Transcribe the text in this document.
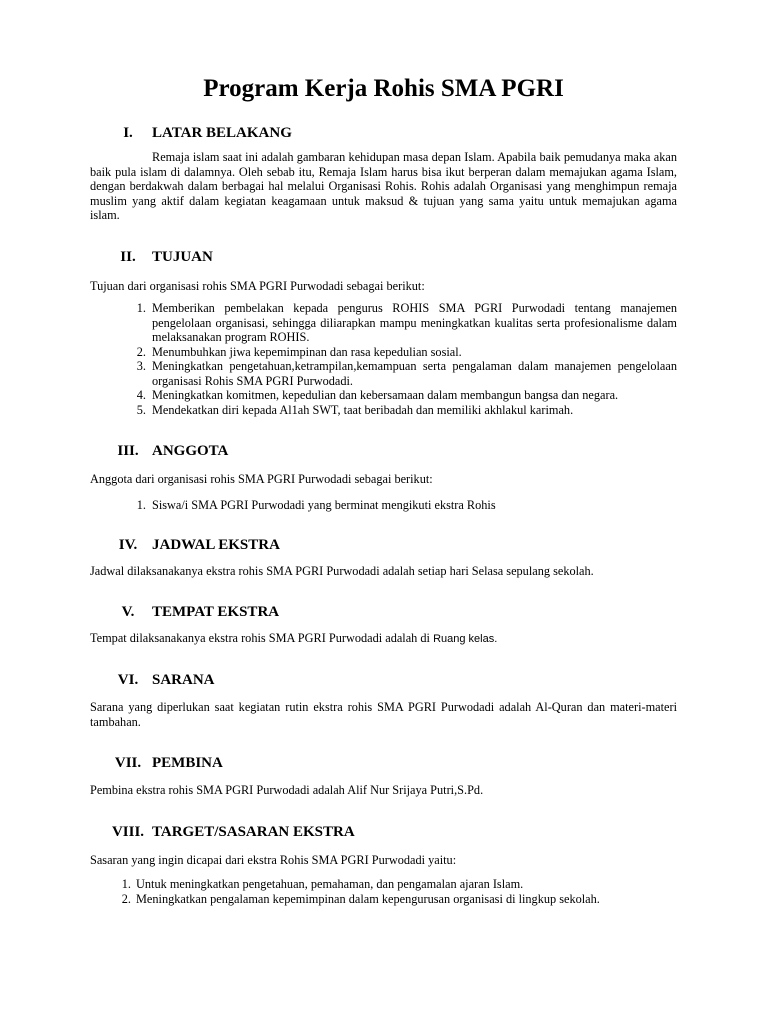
Program Kerja Rohis SMA PGRI
I.	LATAR BELAKANG

Remaja islam saat ini adalah gambaran kehidupan masa depan Islam. Apabila baik pemudanya maka akan baik pula islam di dalamnya. Oleh sebab itu, Remaja Islam harus bisa ikut berperan dalam memajukan agama Islam, dengan berdakwah dalam berbagai hal melalui Organisasi Rohis. Rohis adalah Organisasi yang menghimpun remaja muslim yang aktif dalam kegiatan keagamaan untuk maksud & tujuan yang sama yaitu untuk memajukan agama islam.

II.	TUJUAN

Tujuan dari organisasi rohis SMA PGRI Purwodadi sebagai berikut:

1. Memberikan pembelakan kepada pengurus ROHIS SMA PGRI Purwodadi tentang manajemen pengelolaan organisasi, sehingga diliarapkan mampu meningkatkan kualitas serta profesionalisme dalam melaksanakan program ROHIS.
2. Menumbuhkan jiwa kepemimpinan dan rasa kepedulian sosial.
3. Meningkatkan pengetahuan,ketrampilan,kemampuan serta pengalaman dalam manajemen pengelolaan organisasi Rohis SMA PGRI Purwodadi.
4. Meningkatkan komitmen, kepedulian dan kebersamaan dalam membangun bangsa dan negara.
5. Mendekatkan diri kepada Al1ah SWT, taat beribadah dan memiliki akhlakul karimah.
III. ANGGOTA

Anggota dari organisasi rohis SMA PGRI Purwodadi sebagai berikut:

1. Siswa/i SMA PGRI Purwodadi yang berminat mengikuti ekstra Rohis
IV. JADWAL EKSTRA

Jadwal dilaksanakanya ekstra rohis SMA PGRI Purwodadi adalah setiap hari Selasa sepulang sekolah.

V.	TEMPAT EKSTRA

Tempat dilaksanakanya ekstra rohis SMA PGRI Purwodadi adalah di Ruang kelas.

VI. SARANA

Sarana yang diperlukan saat kegiatan rutin ekstra rohis SMA PGRI Purwodadi adalah Al-Quran dan materi-materi tambahan.

VII. PEMBINA

Pembina ekstra rohis SMA PGRI Purwodadi adalah Alif Nur Srijaya Putri,S.Pd.

VIII. TARGET/SASARAN EKSTRA

Sasaran yang ingin dicapai dari ekstra Rohis SMA PGRI Purwodadi yaitu:

1. Untuk meningkatkan pengetahuan, pemahaman, dan pengamalan ajaran Islam.
2. Meningkatkan pengalaman kepemimpinan dalam kepengurusan organisasi di lingkup sekolah.
